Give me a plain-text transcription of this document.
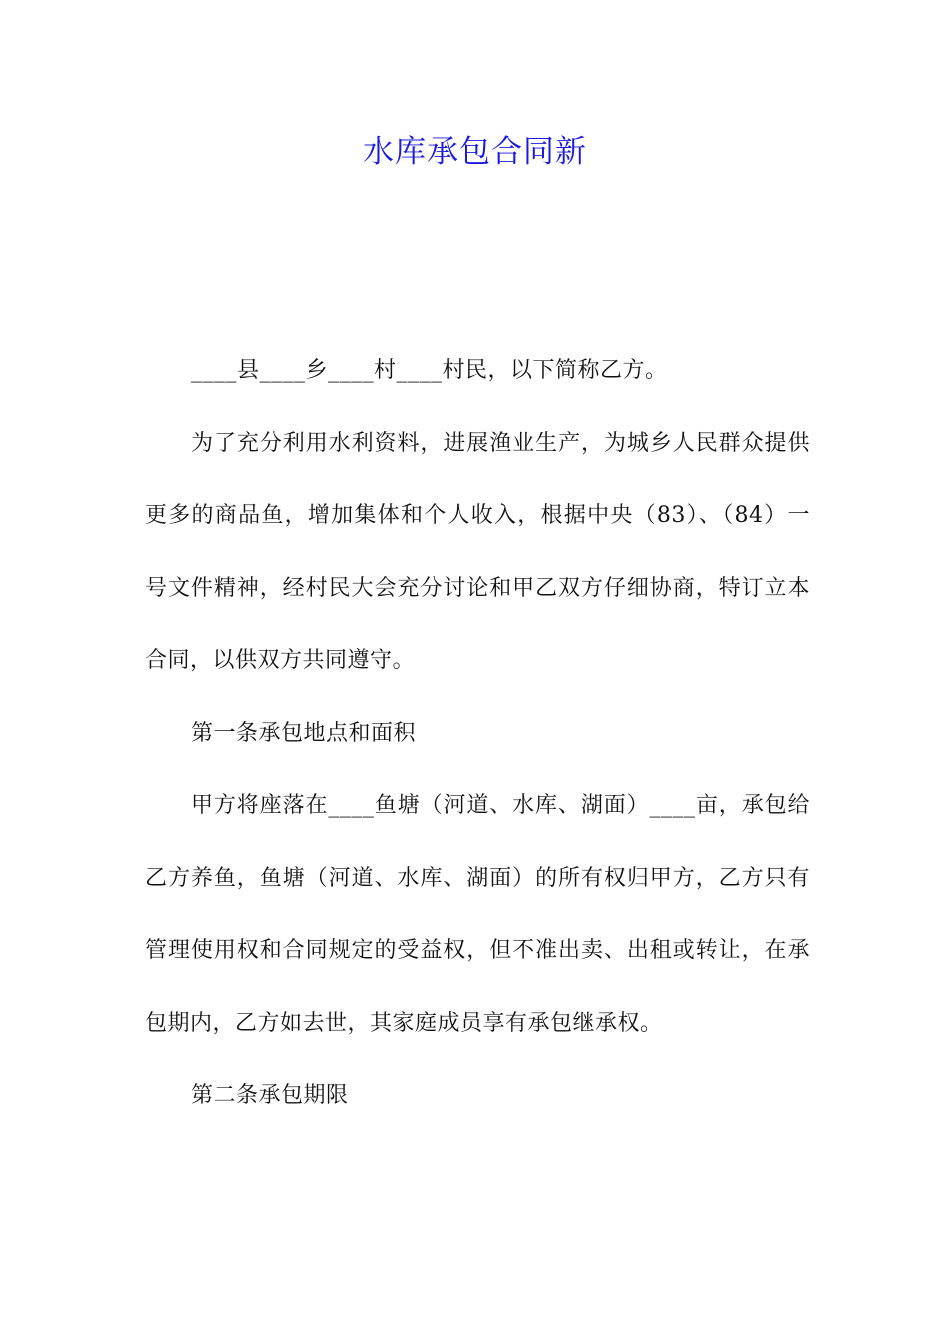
水库承包合同新

____县____乡____村____村民，以下简称乙方。

为了充分利用水利资料，进展渔业生产，为城乡人民群众提供更多的商品鱼，增加集体和个人收入，根据中央（83）、（84）一号文件精神，经村民大会充分讨论和甲乙双方仔细协商，特订立本合同，以供双方共同遵守。

第一条承包地点和面积

甲方将座落在____鱼塘（河道、水库、湖面）____亩，承包给乙方养鱼，鱼塘（河道、水库、湖面）的所有权归甲方，乙方只有管理使用权和合同规定的受益权，但不准出卖、出租或转让，在承包期内，乙方如去世，其家庭成员享有承包继承权。

第二条承包期限
